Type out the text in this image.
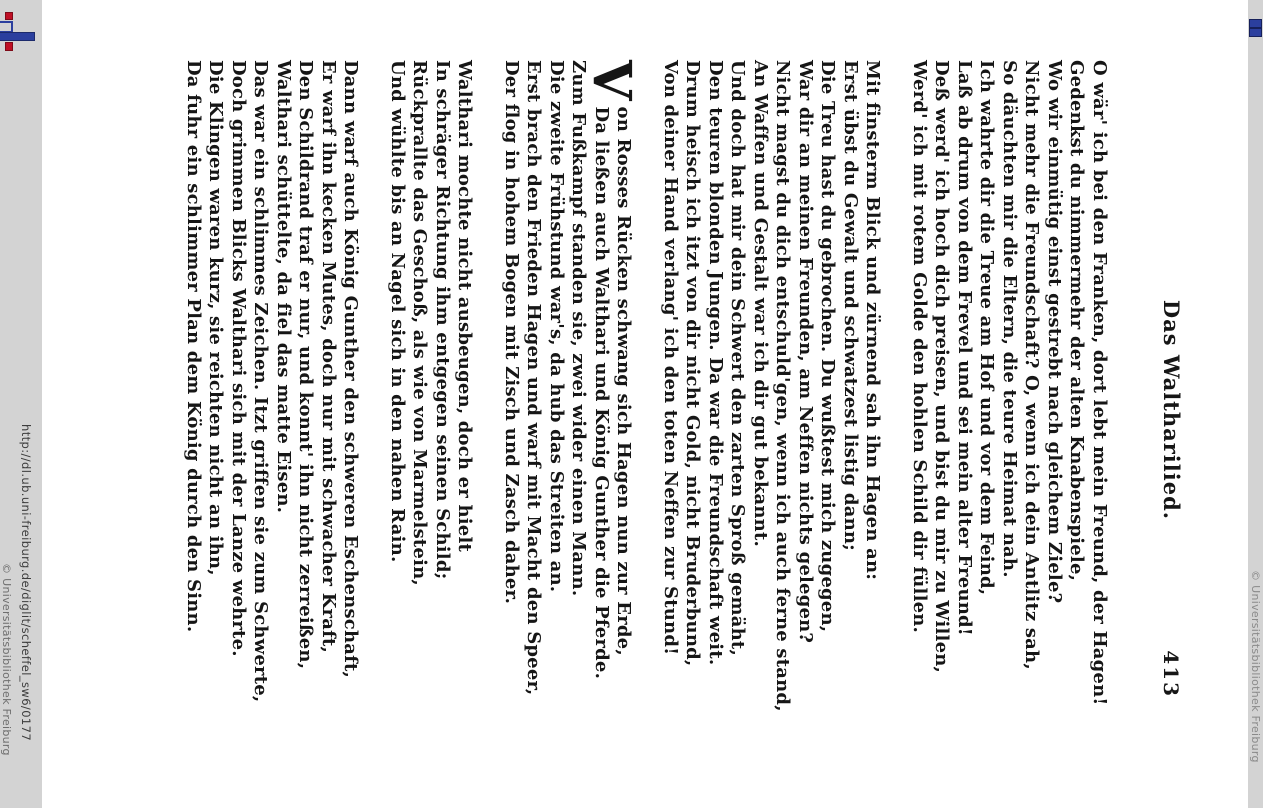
Das Waltharilied.
413
O wär' ich bei den Franken, dort lebt mein Freund, der Hagen!
Gedenkst du nimmermehr der alten Knabenspiele,
Wo wir einmütig einst gestrebt nach gleichem Ziele?
Nicht mehr die Freundschaft? O, wenn ich dein Antlitz sah,
So däuchten mir die Eltern, die teure Heimat nah.
Ich wahrte dir die Treue am Hof und vor dem Feind,
Laß ab drum von dem Frevel und sei mein alter Freund!
Deß werd' ich hoch dich preisen, und bist du mir zu Willen,
Werd' ich mit rotem Golde den hohlen Schild dir füllen.
Mit finsterm Blick und zürnend sah ihn Hagen an:
Erst übst du Gewalt und schwatzest listig dann;
Die Treu hast du gebrochen. Du wußtest mich zugegen,
War dir an meinen Freunden, am Neffen nichts gelegen?
Nicht magst du dich entschuld'gen, wenn ich auch ferne stand,
An Waffen und Gestalt war ich dir gut bekannt.
Und doch hat mir dein Schwert den zarten Sproß gemäht,
Den teuren blonden Jungen. Da war die Freundschaft weit.
Drum heisch ich itzt von dir nicht Gold, nicht Bruderbund,
Von deiner Hand verlang' ich den toten Neffen zur Stund!
V
on Rosses Rücken schwang sich Hagen nun zur Erde,
Da ließen auch Walthari und König Gunther die Pferde.
Zum Fußkampf standen sie, zwei wider einen Mann.
Die zweite Frühstund war's, da hub das Streiten an.
Erst brach den Frieden Hagen und warf mit Macht den Speer,
Der flog in hohem Bogen mit Zisch und Zasch daher.
Walthari mochte nicht ausbeugen, doch er hielt
In schräger Richtung ihm entgegen seinen Schild;
Rückprallte das Geschoß, als wie von Marmelstein,
Und wühlte bis an Nagel sich in den nahen Rain.
Dann warf auch König Gunther den schweren Eschenschaft,
Er warf ihn kecken Mutes, doch nur mit schwacher Kraft,
Den Schildrand traf er nur, und konnt' ihn nicht zerreißen,
Walthari schüttelte, da fiel das matte Eisen.
Das war ein schlimmes Zeichen. Itzt griffen sie zum Schwerte,
Doch grimmen Blicks Walthari sich mit der Lanze wehrte.
Die Klingen waren kurz, sie reichten nicht an ihn,
Da fuhr ein schlimmer Plan dem König durch den Sinn.
http://dl.ub.uni-freiburg.de/diglit/scheffel_sw6/0177
© Universitätsbibliothek Freiburg	© Universitätsbibliothek Freiburg
